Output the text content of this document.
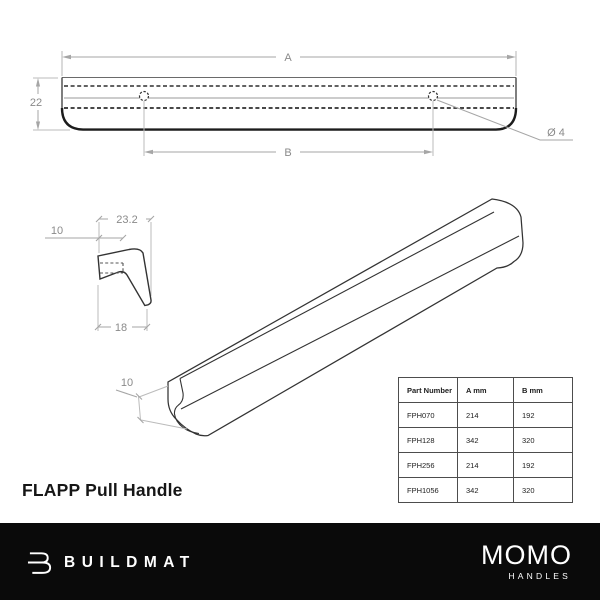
A
22
B
Ø 4
23.2
10
18
10
Part Number	A mm	B mm
FPH070	214	192
FPH128	342	320
FPH256	214	192
FPH1056	342	320
FLAPP Pull Handle
BUILDMAT	MOMO
HANDLES
